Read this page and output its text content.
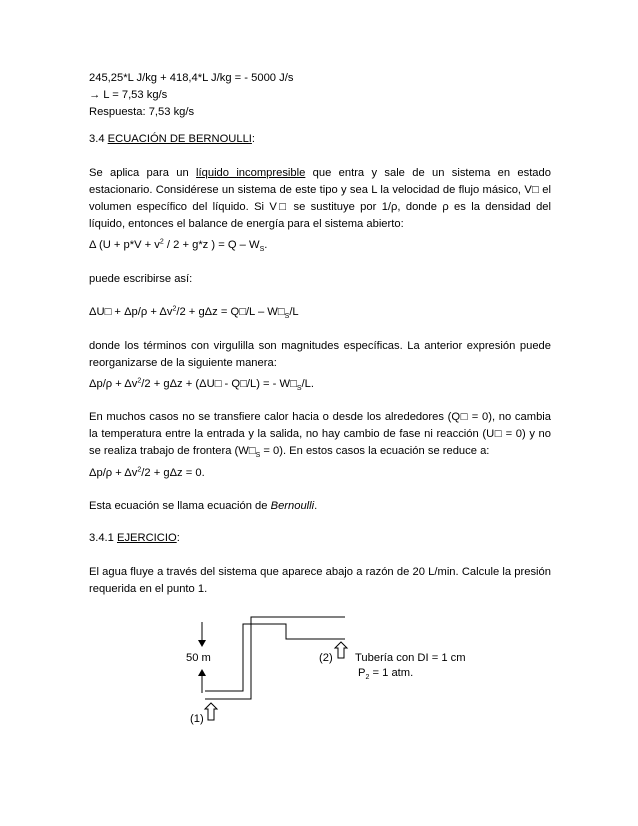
245,25*L J/kg + 418,4*L J/kg = - 5000 J/s
→ L = 7,53 kg/s
Respuesta: 7,53 kg/s

3.4 ECUACIÓN DE BERNOULLI:

Se aplica para un líquido incompresible que entra y sale de un sistema en estado estacionario. Considérese un sistema de este tipo y sea L la velocidad de flujo másico, V□ el volumen específico del líquido. Si V□ se sustituye por 1/ρ, donde ρ es la densidad del líquido, entonces el balance de energía para el sistema abierto:

Δ ($U + p*V + v^2 / 2 + g*z$ ) = Q – $W_S$.

puede escribirse así:

ΔU□ + $\Delta p/\rho + \Delta v^2/2 + g\Delta z$ = Q□/L – $W□_S/L$

donde los términos con virgulilla son magnitudes específicas. La anterior expresión puede reorganizarse de la siguiente manera:

$\Delta p/\rho + \Delta v^2/2 + g\Delta z$ + (ΔU□ - Q□/L) = - $W□_S/L$.

En muchos casos no se transfiere calor hacia o desde los alrededores (Q□ = 0), no cambia la temperatura entre la entrada y la salida, no hay cambio de fase ni reacción (U□ = 0) y no se realiza trabajo de frontera $(W□_S = 0)$. En estos casos la ecuación se reduce a:

$\Delta p/\rho + \Delta v^2/2 + g\Delta z = 0$.

Esta ecuación se llama ecuación de Bernoulli.

3.4.1 EJERCICIO:

El agua fluye a través del sistema que aparece abajo a razón de 20 L/min. Calcule la presión requerida en el punto 1.

50 m	(2) Tubería con DI = 1 cm
$P_2 = 1$ atm.
(1)
